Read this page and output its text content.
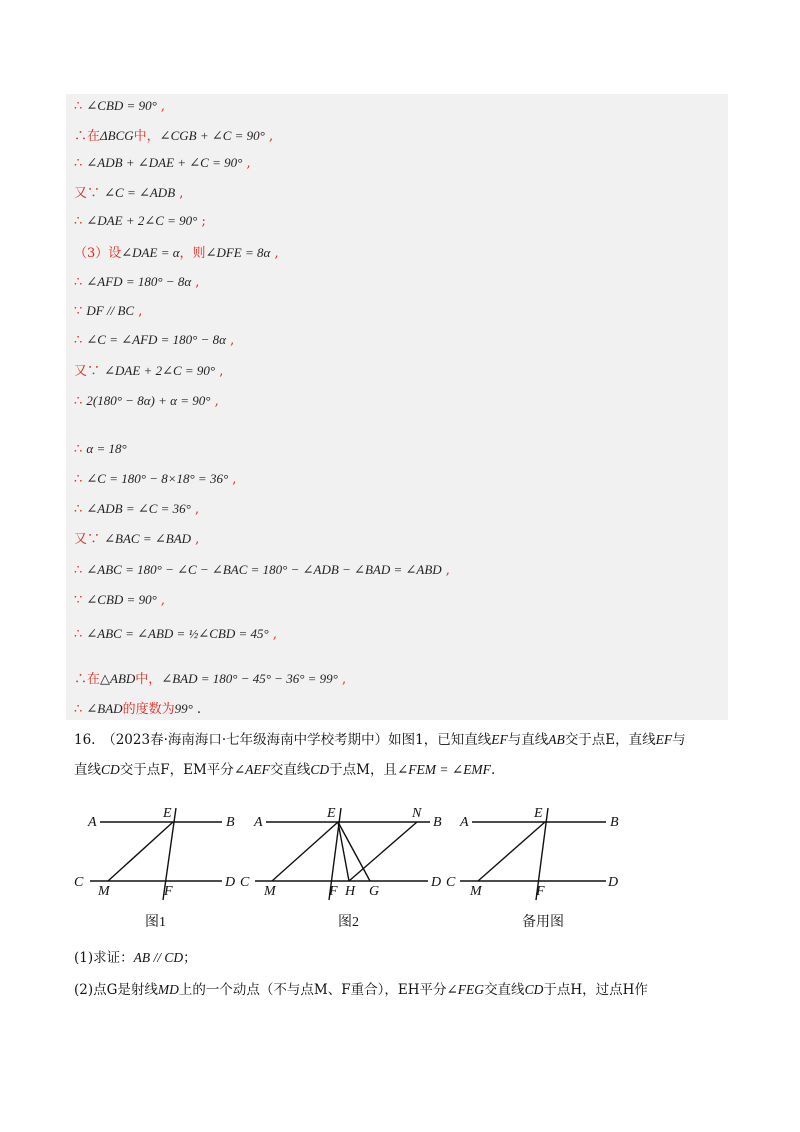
∴ ∠CBD = 90° ,
∴在ΔBCG中，∠CGB + ∠C = 90° ,
∴ ∠ADB + ∠DAE + ∠C = 90° ,
又∵ ∠C = ∠ADB ,
∴ ∠DAE + 2∠C = 90° ;
（3）设∠DAE = α，则∠DFE = 8α ,
∴ ∠AFD = 180° − 8α ,
∵ DF // BC ,
∴ ∠C = ∠AFD = 180° − 8α ,
又∵ ∠DAE + 2∠C = 90° ,
∴ 2(180° − 8α) + α = 90° ,
∴ α = 18°
∴ ∠C = 180° − 8×18° = 36° ,
∴ ∠ADB = ∠C = 36° ,
又∵ ∠BAC = ∠BAD ,
∴ ∠ABC = 180° − ∠C − ∠BAC = 180° − ∠ADB − ∠BAD = ∠ABD ,
∵ ∠CBD = 90° ,
∴ ∠ABC = ∠ABD = ½∠CBD = 45° ,
∴在△ABD中，∠BAD = 180° − 45° − 36° = 99° ,
∴ ∠BAD的度数为99° .
16.　（2023春·海南海口·七年级海南中学校考期中）如图1，已知直线EF与直线AB交于点E，直线EF与
直线CD交于点F，EM平分∠AEF交直线CD于点M，且∠FEM = ∠EMF．
A	B
C	D
E
F
M
图1
A	B
C	D
E	N
F H G
M
图2
A	B
C	D
E
F
M
备用图
(1)求证：AB // CD；
(2)点G是射线MD上的一个动点（不与点M、F重合），EH平分∠FEG交直线CD于点H，过点H作
